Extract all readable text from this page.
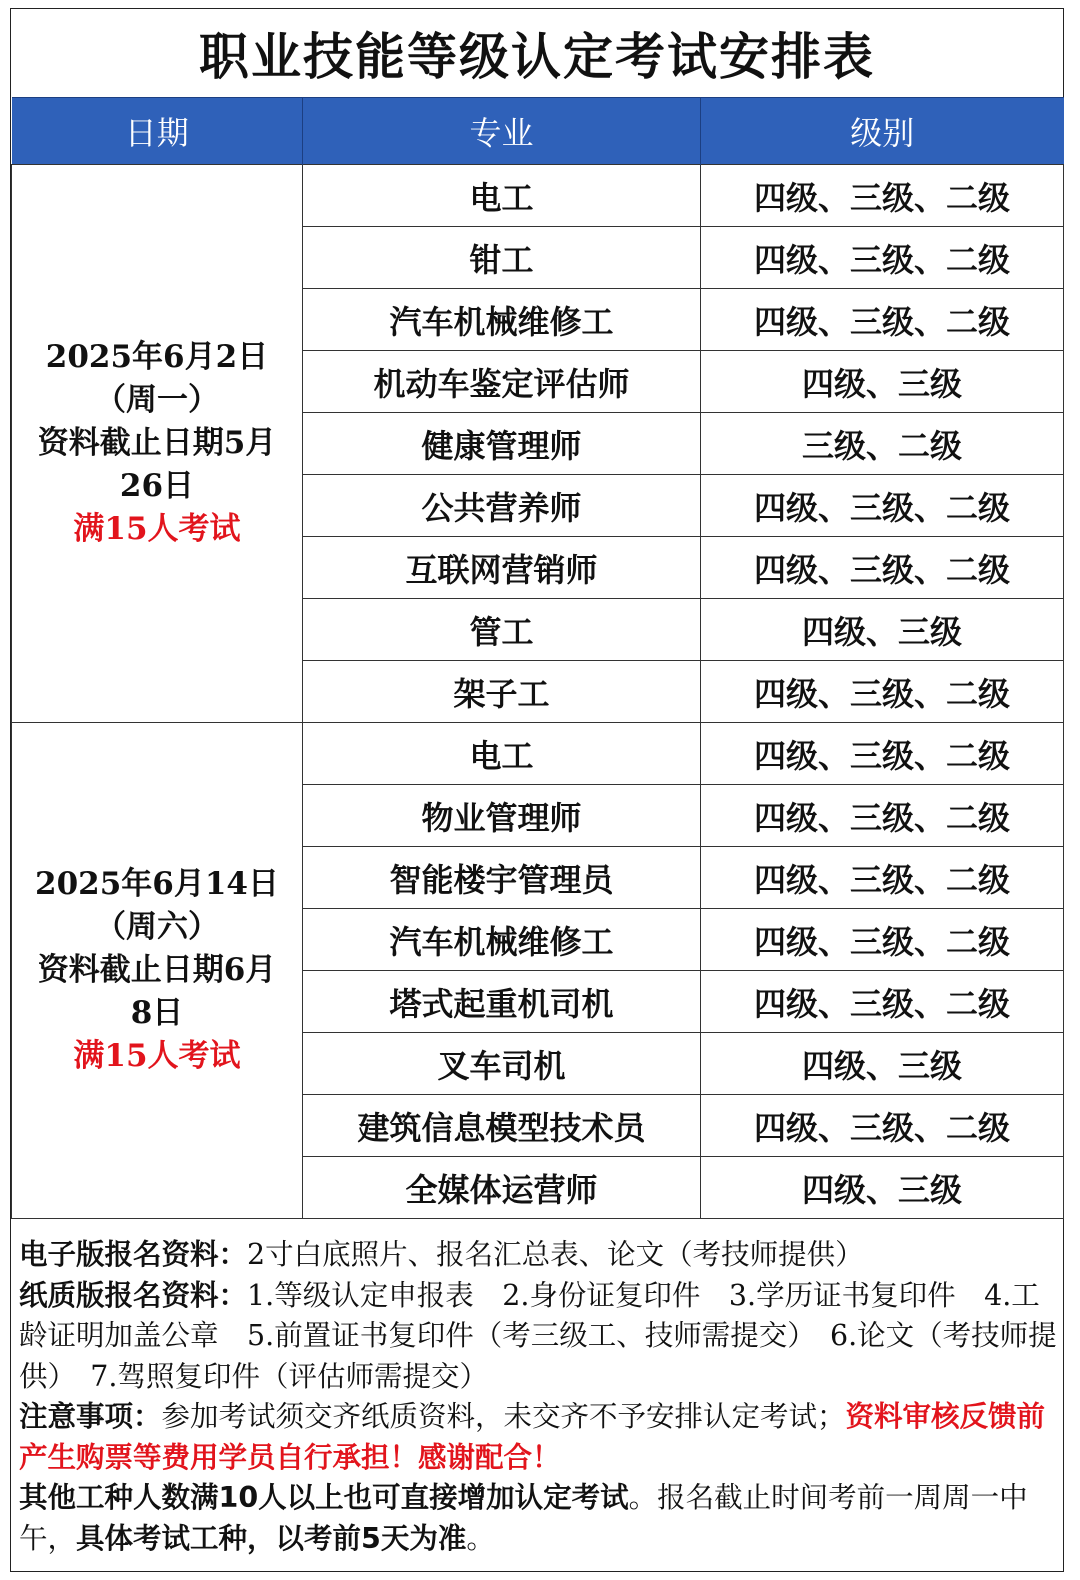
职业技能等级认定考试安排表
日期	专业	级别

2025年6月2日
（周一）
资料截止日期5月
26日
满15人考试	电工	四级、三级、二级
	钳工	四级、三级、二级
	汽车机械维修工	四级、三级、二级
	机动车鉴定评估师	四级、三级
	健康管理师	三级、二级
	公共营养师	四级、三级、二级
	互联网营销师	四级、三级、二级
	管工	四级、三级
	架子工	四级、三级、二级

2025年6月14日
（周六）
资料截止日期6月
8日
满15人考试	电工	四级、三级、二级
	物业管理师	四级、三级、二级
	智能楼宇管理员	四级、三级、二级
	汽车机械维修工	四级、三级、二级
	塔式起重机司机	四级、三级、二级
	叉车司机	四级、三级
	建筑信息模型技术员	四级、三级、二级
	全媒体运营师	四级、三级

电子版报名资料：2寸白底照片、报名汇总表、论文（考技师提供）

纸质版报名资料：1.等级认定申报表　2.身份证复印件　3.学历证书复印件　4.工龄证明加盖公章　5.前置证书复印件（考三级工、技师需提交）　6.论文（考技师提供）　7.驾照复印件（评估师需提交）

注意事项：参加考试须交齐纸质资料，未交齐不予安排认定考试；资料审核反馈前产生购票等费用学员自行承担！感谢配合！

其他工种人数满10人以上也可直接增加认定考试。报名截止时间考前一周周一中午，具体考试工种，以考前5天为准。
